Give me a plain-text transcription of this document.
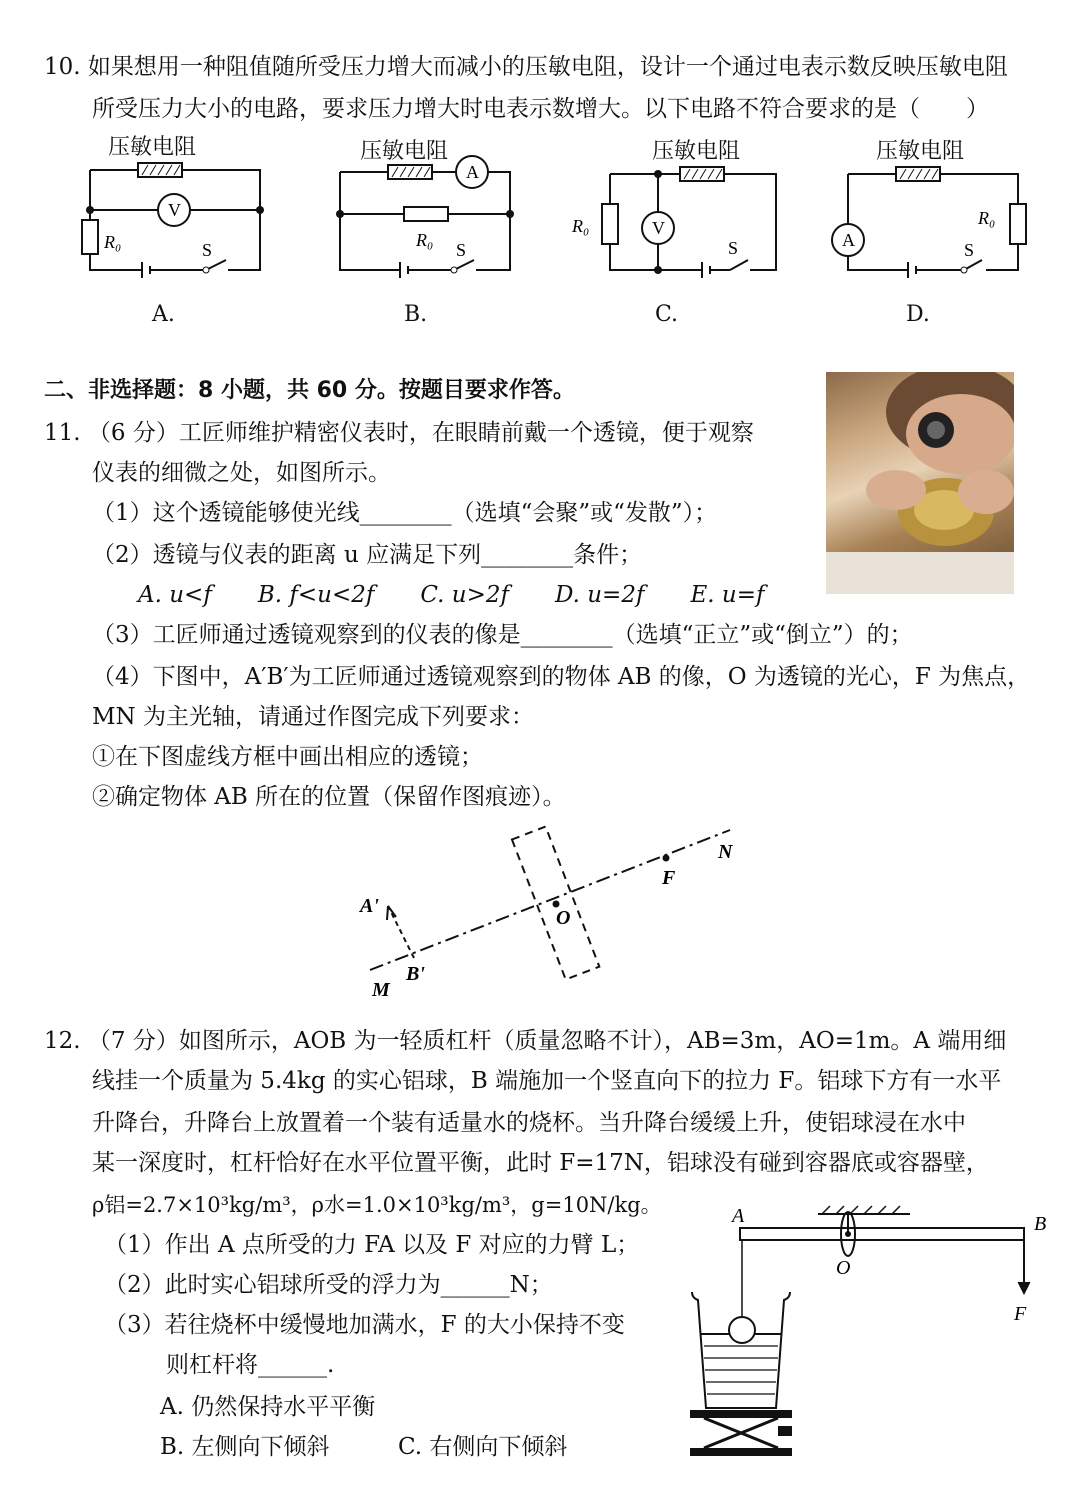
10. 如果想用一种阻值随所受压力增大而减小的压敏电阻，设计一个通过电表示数反映压敏电阻
所受压力大小的电路，要求压力增大时电表示数增大。以下电路不符合要求的是（　　）
压敏电阻
V
R₀	S
A.
压敏电阻
A
R₀ S
B.
压敏电阻
V
R₀
S
C.
压敏电阻
A
R₀
S
D.
二、非选择题：8 小题，共 60 分。按题目要求作答。
11. （6 分）工匠师维护精密仪表时，在眼睛前戴一个透镜，便于观察
仪表的细微之处，如图所示。
（1）这个透镜能够使光线________（选填“会聚”或“发散”）；
（2）透镜与仪表的距离 u 应满足下列________条件；
A. u<f　　B. f<u<2f　　C. u>2f　　D. u=2f　　E. u=f
（3）工匠师通过透镜观察到的仪表的像是________（选填“正立”或“倒立”）的；
（4）下图中，A′B′为工匠师通过透镜观察到的物体 AB 的像，O 为透镜的光心，F 为焦点，
MN 为主光轴，请通过作图完成下列要求：
①在下图虚线方框中画出相应的透镜；
②确定物体 AB 所在的位置（保留作图痕迹）。
A'
B'
O
F
M
N
12. （7 分）如图所示，AOB 为一轻质杠杆（质量忽略不计），AB=3m，AO=1m。A 端用细
线挂一个质量为 5.4kg 的实心铝球，B 端施加一个竖直向下的拉力 F。铝球下方有一水平
升降台，升降台上放置着一个装有适量水的烧杯。当升降台缓缓上升，使铝球浸在水中
某一深度时，杠杆恰好在水平位置平衡，此时 F=17N，铝球没有碰到容器底或容器壁，
ρ铝=2.7×10³kg/m³，ρ水=1.0×10³kg/m³，g=10N/kg。
（1）作出 A 点所受的力 FA 以及 F 对应的力臂 L；
（2）此时实心铝球所受的浮力为______N；
（3）若往烧杯中缓慢地加满水，F 的大小保持不变
则杠杆将______.
A. 仍然保持水平平衡
B. 左侧向下倾斜	C. 右侧向下倾斜
A	B
O
F
